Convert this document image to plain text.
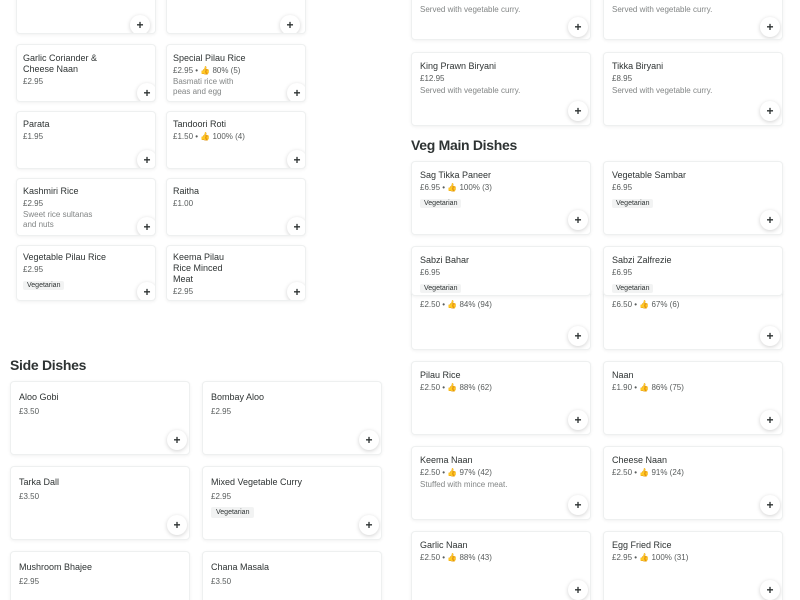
+	+
Garlic Coriander & Cheese Naan
£2.95
+
Special Pilau Rice
£2.95 • 👍 80% (5)
Basmati rice with peas and egg	+
Parata
£1.95
+
Tandoori Roti
£1.50 • 👍 100% (4)
+
Kashmiri Rice
£2.95
Sweet rice sultanas and nuts	+
Raitha
£1.00
+
Vegetable Pilau Rice
£2.95
Vegetarian	+
Keema Pilau Rice Minced Meat
£2.95	+
+	+
Side Dishes
Aloo Gobi
£3.50
+
Bombay Aloo
£2.95
+
Tarka Dall
£3.50
+
Mixed Vegetable Curry
£2.95
Vegetarian
+
Mushroom Bhajee
£2.95
Chana Masala
£3.50
Served with vegetable curry.
+
Served with vegetable curry.
+
King Prawn Biryani
£12.95
Served with vegetable curry.
+
Tikka Biryani
£8.95
Served with vegetable curry.
+
Veg Main Dishes
Sag Tikka Paneer
£6.95 • 👍 100% (3)
Vegetarian
+
Vegetable Sambar
£6.95
Vegetarian
+
£2.50 • 👍 84% (94)
+
£6.50 • 👍 67% (6)
+
Sabzi Bahar
£6.95
Vegetarian
Sabzi Zalfrezie
£6.95
Vegetarian
Pilau Rice
£2.50 • 👍 88% (62)
+
Naan
£1.90 • 👍 86% (75)
+
Keema Naan
£2.50 • 👍 97% (42)
Stuffed with mince meat.
+
Cheese Naan
£2.50 • 👍 91% (24)
+
Garlic Naan
£2.50 • 👍 88% (43)
+
Egg Fried Rice
£2.95 • 👍 100% (31)
+
